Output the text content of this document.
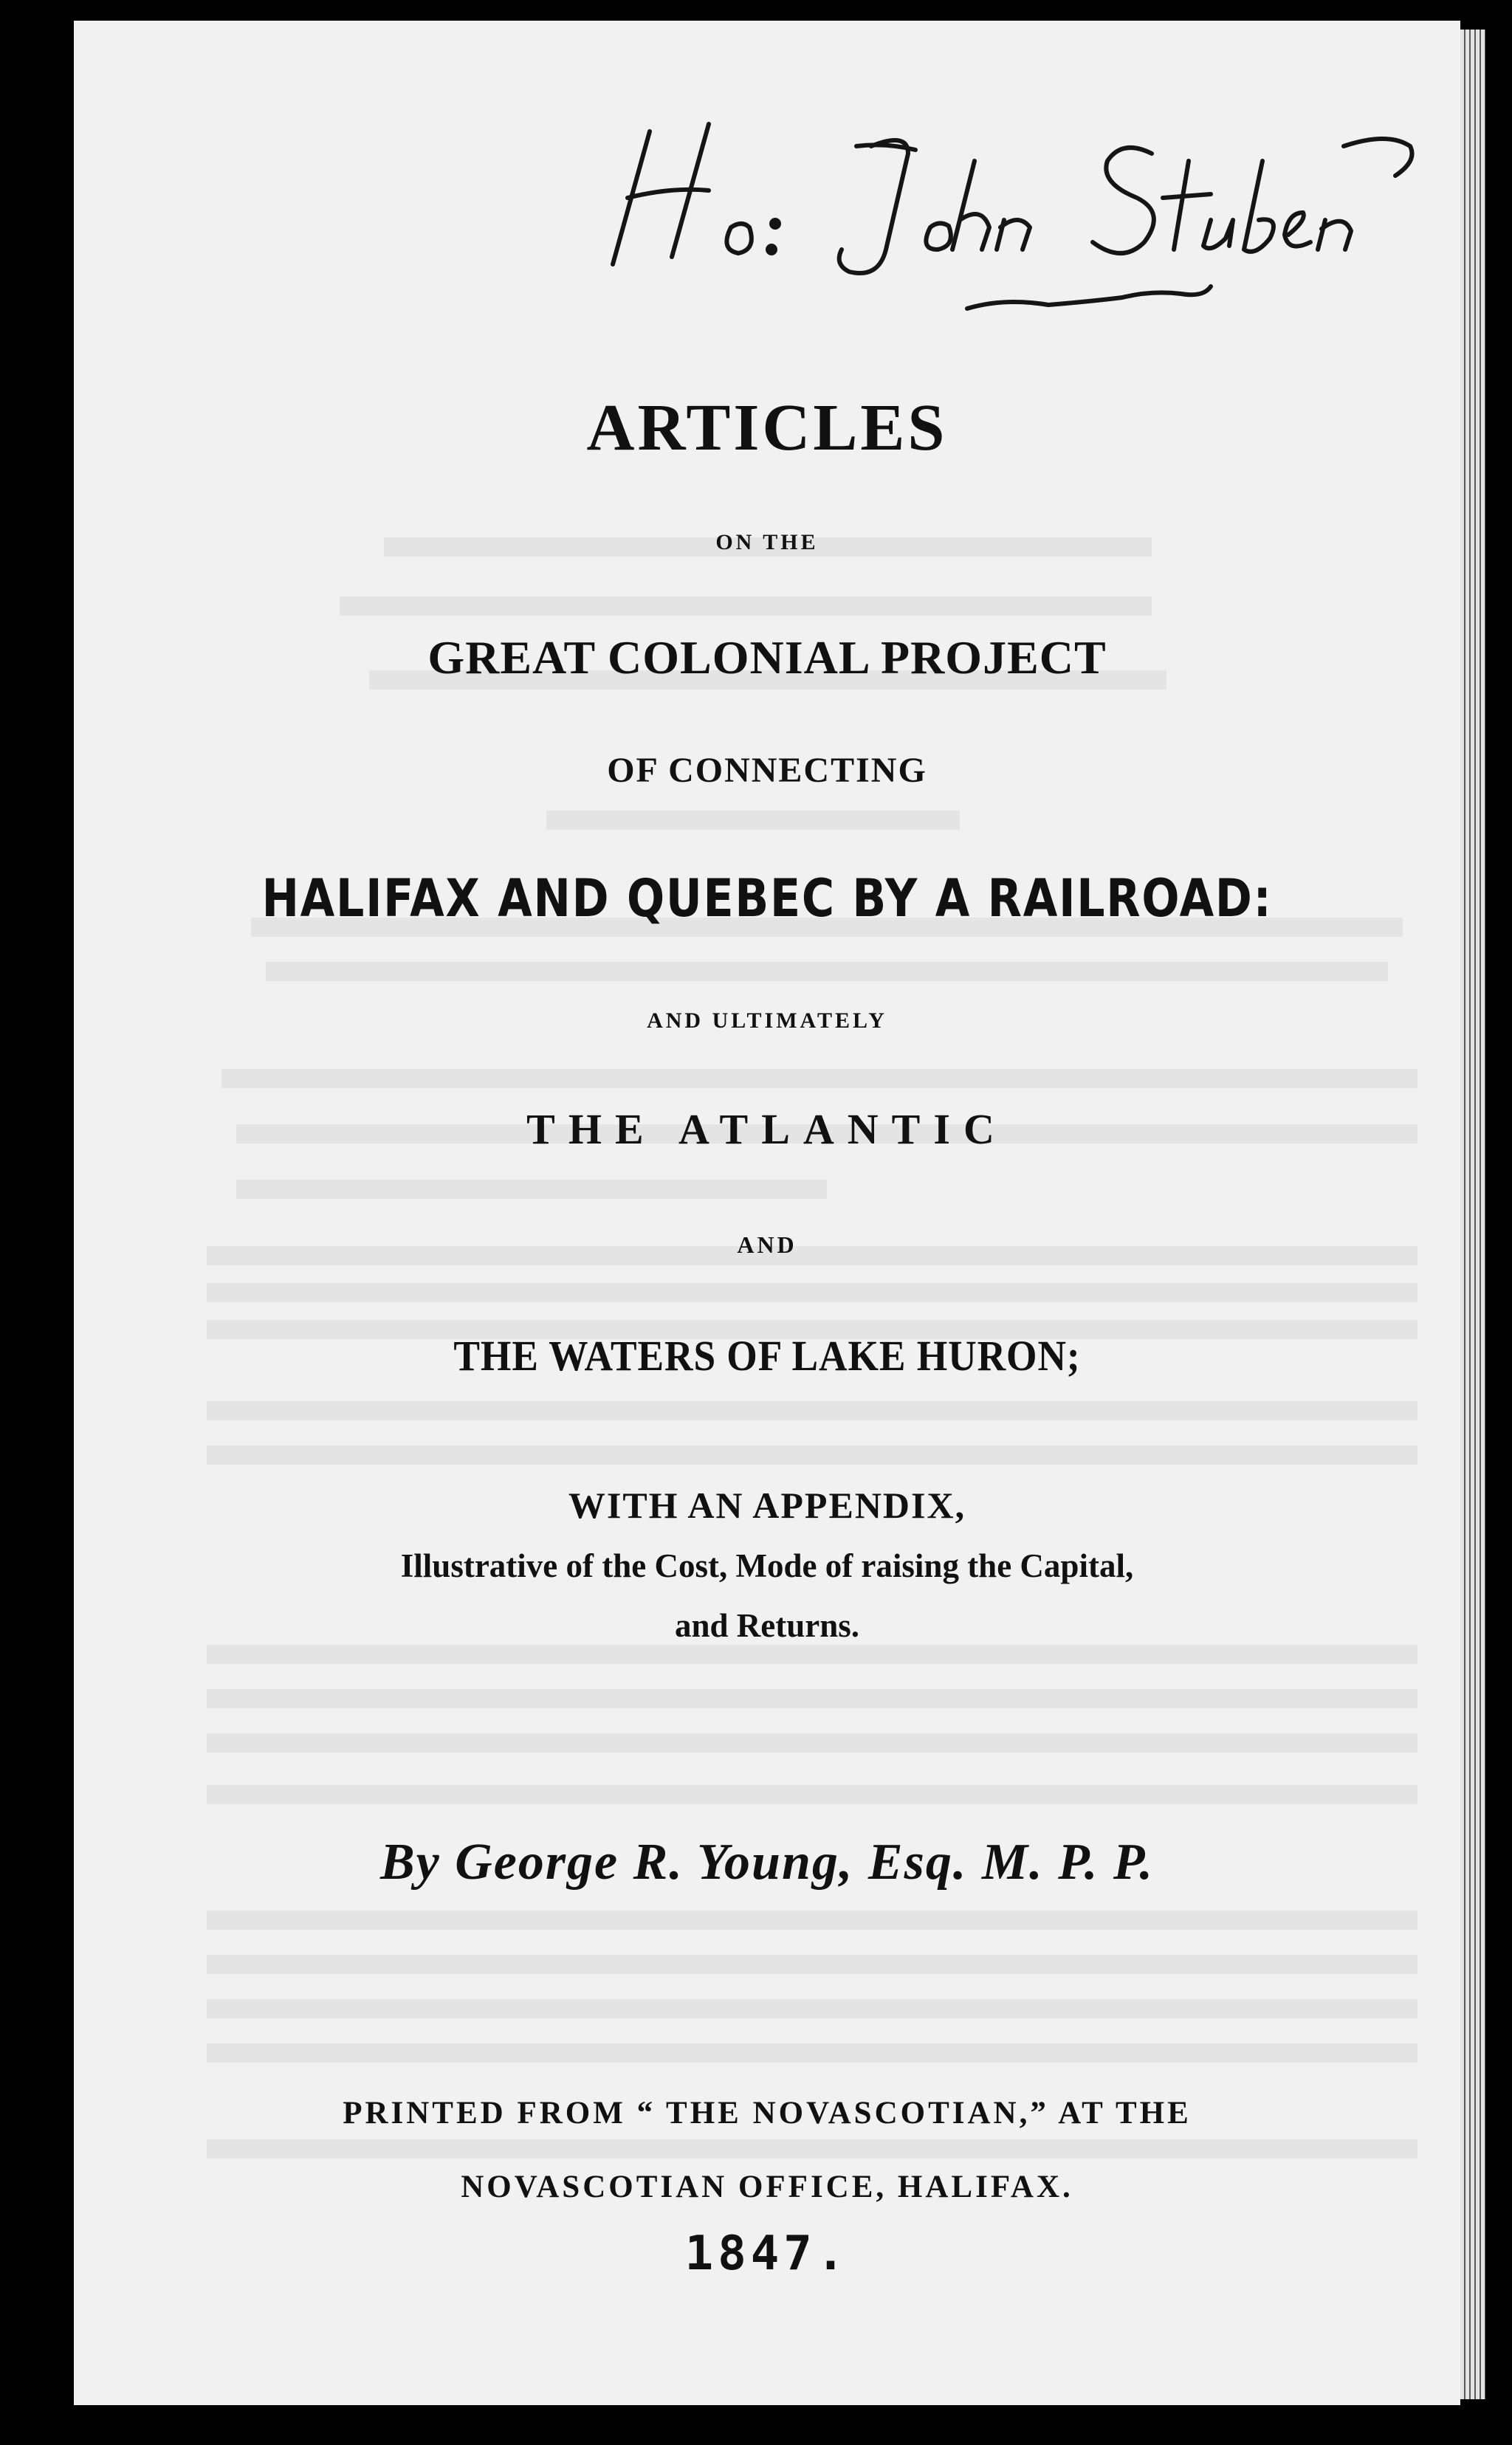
ARTICLES
ON THE
GREAT COLONIAL PROJECT
OF CONNECTING
HALIFAX AND QUEBEC BY A RAILROAD:
AND ULTIMATELY
THE ATLANTIC
AND
THE WATERS OF LAKE HURON;
WITH AN APPENDIX,
Illustrative of the Cost, Mode of raising the Capital,
and Returns.
By George R. Young, Esq. M. P. P.
PRINTED FROM “ THE NOVASCOTIAN,” AT THE
NOVASCOTIAN OFFICE, HALIFAX.
1847.
